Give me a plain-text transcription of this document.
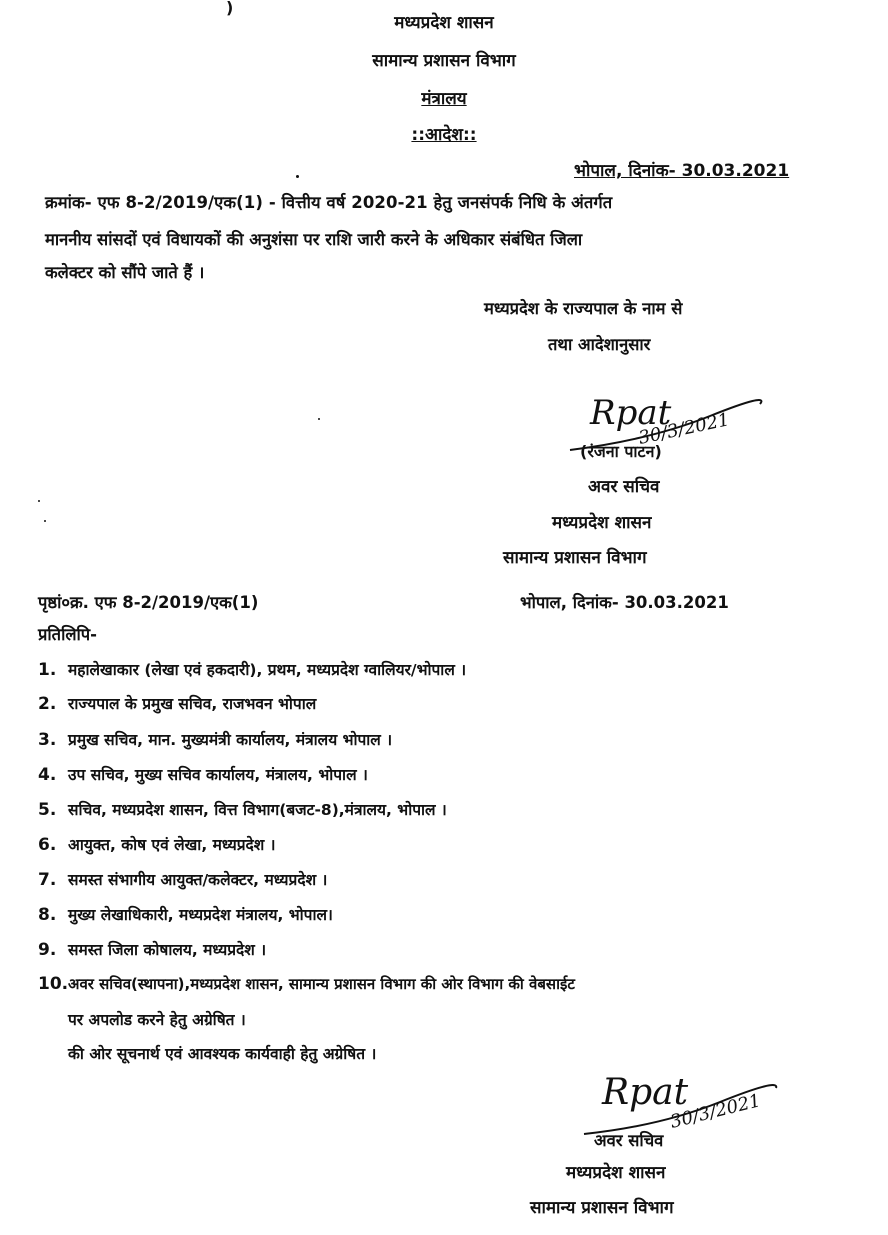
)
मध्यप्रदेश शासन
सामान्य प्रशासन विभाग
मंत्रालय
::आदेश::
भोपाल, दिनांक- 30.03.2021
क्रमांक- एफ 8-2/2019/एक(1) - वित्तीय वर्ष 2020-21 हेतु जनसंपर्क निधि के अंतर्गत
माननीय सांसदों एवं विधायकों की अनुशंसा पर राशि जारी करने के अधिकार संबंधित जिला
कलेक्टर को सौंपे जाते हैं ।
मध्यप्रदेश के राज्यपाल के नाम से
तथा आदेशानुसार
Rpat
30/3/2021
(रंजना पाटन)
अवर सचिव
मध्यप्रदेश शासन
सामान्य प्रशासन विभाग
पृष्ठां०क्र. एफ 8-2/2019/एक(1)	भोपाल, दिनांक- 30.03.2021
प्रतिलिपि-
1. महालेखाकार (लेखा एवं हकदारी), प्रथम, मध्यप्रदेश ग्वालियर/भोपाल ।
2. राज्यपाल के प्रमुख सचिव, राजभवन भोपाल
3. प्रमुख सचिव, मान. मुख्यमंत्री कार्यालय, मंत्रालय भोपाल ।
4. उप सचिव, मुख्य सचिव कार्यालय, मंत्रालय, भोपाल ।
5. सचिव, मध्यप्रदेश शासन, वित्त विभाग(बजट-8),मंत्रालय, भोपाल ।
6. आयुक्त, कोष एवं लेखा, मध्यप्रदेश ।
7. समस्त संभागीय आयुक्त/कलेक्टर, मध्यप्रदेश ।
8. मुख्य लेखाधिकारी, मध्यप्रदेश मंत्रालय, भोपाल।
9. समस्त जिला कोषालय, मध्यप्रदेश ।
10.अवर सचिव(स्थापना),मध्यप्रदेश शासन, सामान्य प्रशासन विभाग की ओर विभाग की वेबसाईट
पर अपलोड करने हेतु अग्रेषित ।
की ओर सूचनार्थ एवं आवश्यक कार्यवाही हेतु अग्रेषित ।
Rpat
30/3/2021
अवर सचिव
मध्यप्रदेश शासन
सामान्य प्रशासन विभाग
